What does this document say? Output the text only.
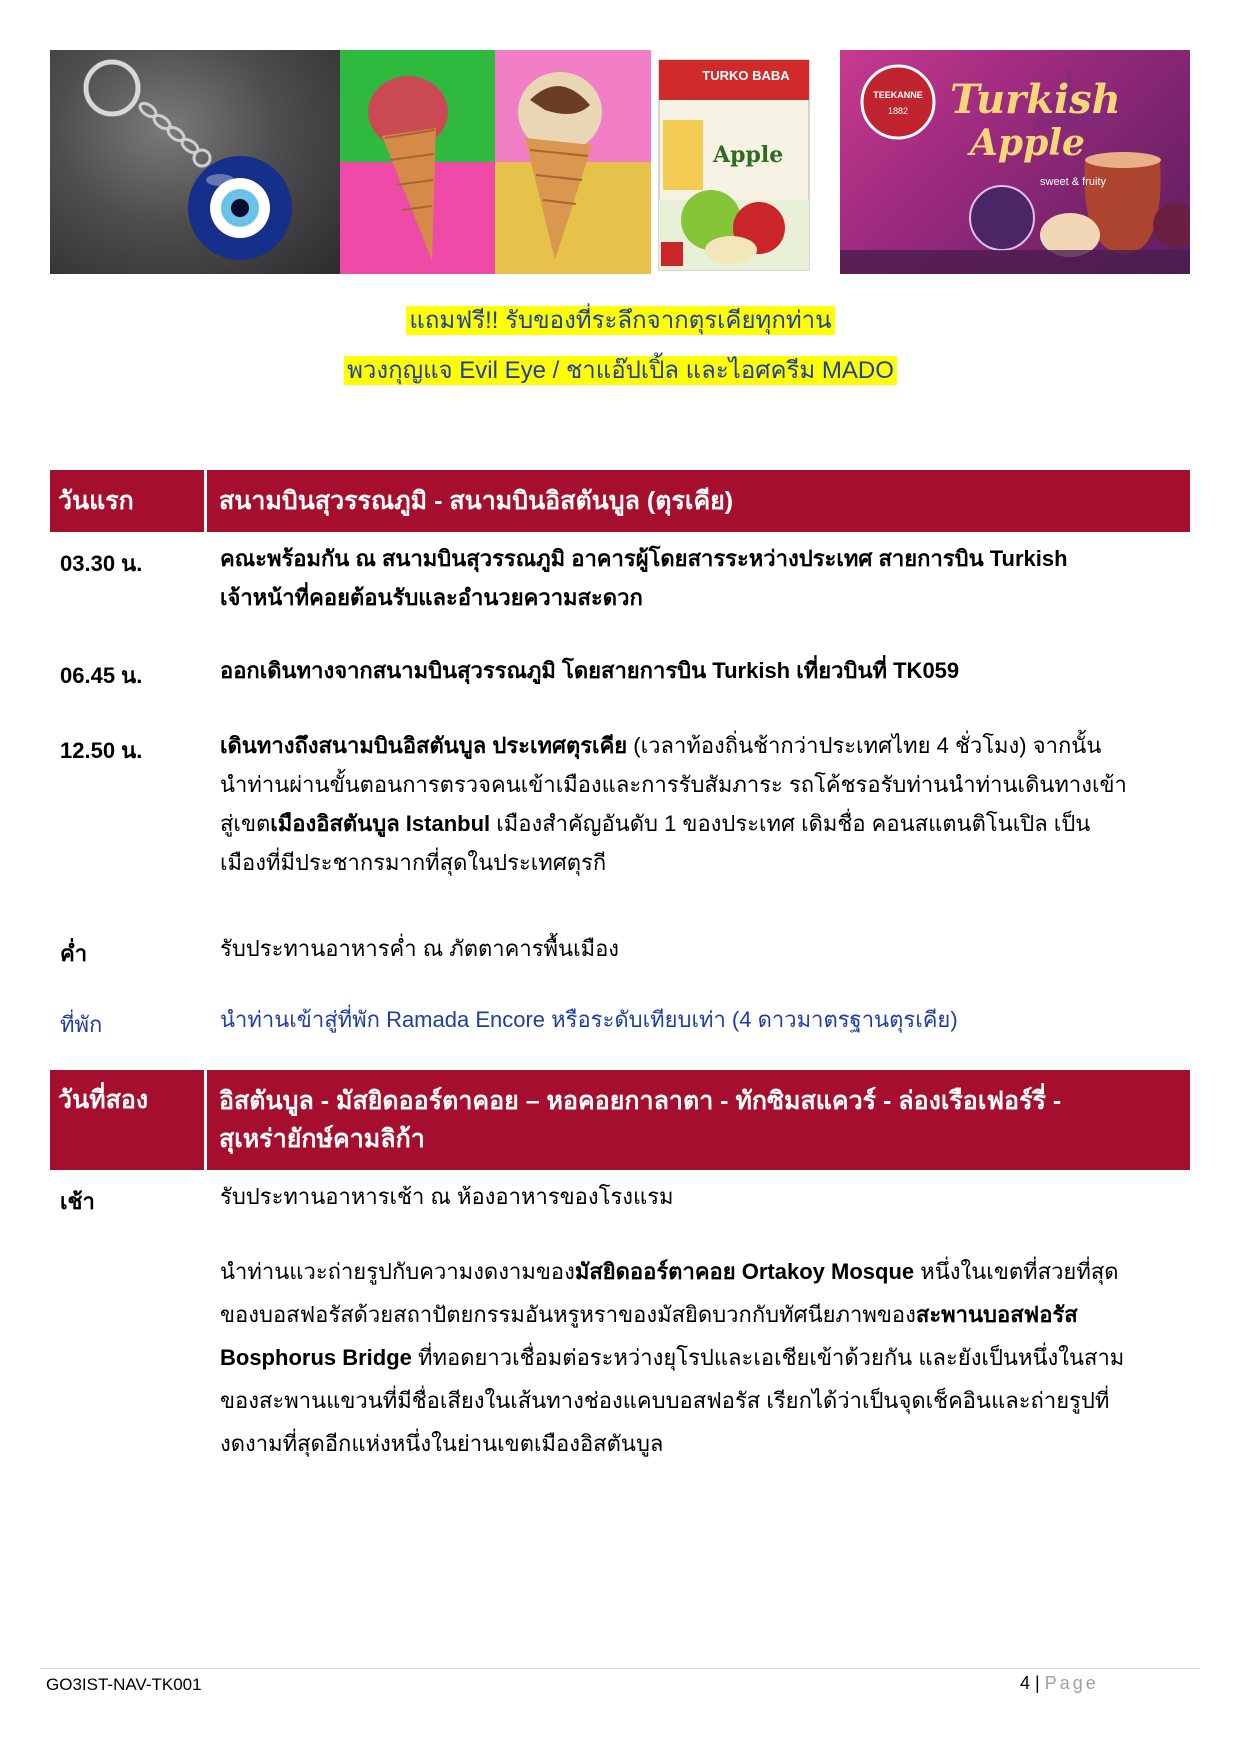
TURKO BABA
Apple
TEEKANNE
1882	Turkish
Apple
sweet & fruity
แถมฟรี!! รับของที่ระลึกจากตุรเคียทุกท่าน
พวงกุญแจ Evil Eye / ชาแอ๊ปเปิ้ล และไอศครีม MADO
วันแรก	สนามบินสุวรรณภูมิ - สนามบินอิสตันบูล (ตุรเคีย)
03.30 น.	คณะพร้อมกัน ณ สนามบินสุวรรณภูมิ อาคารผู้โดยสารระหว่างประเทศ สายการบิน Turkish
เจ้าหน้าที่คอยต้อนรับและอำนวยความสะดวก
06.45 น.	ออกเดินทางจากสนามบินสุวรรณภูมิ โดยสายการบิน Turkish เที่ยวบินที่ TK059
12.50 น.	เดินทางถึงสนามบินอิสตันบูล ประเทศตุรเคีย (เวลาท้องถิ่นช้ากว่าประเทศไทย 4 ชั่วโมง) จากนั้น
นำท่านผ่านขั้นตอนการตรวจคนเข้าเมืองและการรับสัมภาระ รถโค้ชรอรับท่านนำท่านเดินทางเข้า
สู่เขตเมืองอิสตันบูล Istanbul เมืองสำคัญอันดับ 1 ของประเทศ เดิมชื่อ คอนสแตนติโนเปิล เป็น
เมืองที่มีประชากรมากที่สุดในประเทศตุรกี
ค่ำ	รับประทานอาหารค่ำ ณ ภัตตาคารพื้นเมือง
ที่พัก	นำท่านเข้าสู่ที่พัก Ramada Encore หรือระดับเทียบเท่า (4 ดาวมาตรฐานตุรเคีย)
วันที่สอง	อิสตันบูล - มัสยิดออร์ตาคอย – หอคอยกาลาตา - ทักซิมสแควร์ - ล่องเรือเฟอร์รี่ -
สุเหร่ายักษ์คามลิก้า
เช้า	รับประทานอาหารเช้า ณ ห้องอาหารของโรงแรม
นำท่านแวะถ่ายรูปกับความงดงามของมัสยิดออร์ตาคอย Ortakoy Mosque หนึ่งในเขตที่สวยที่สุด
ของบอสฟอรัสด้วยสถาปัตยกรรมอันหรูหราของมัสยิดบวกกับทัศนียภาพของสะพานบอสฟอรัส
Bosphorus Bridge ที่ทอดยาวเชื่อมต่อระหว่างยุโรปและเอเชียเข้าด้วยกัน และยังเป็นหนึ่งในสาม
ของสะพานแขวนที่มีชื่อเสียงในเส้นทางช่องแคบบอสฟอรัส เรียกได้ว่าเป็นจุดเช็คอินและถ่ายรูปที่
งดงามที่สุดอีกแห่งหนึ่งในย่านเขตเมืองอิสตันบูล
GO3IST-NAV-TK001	4 | Page
